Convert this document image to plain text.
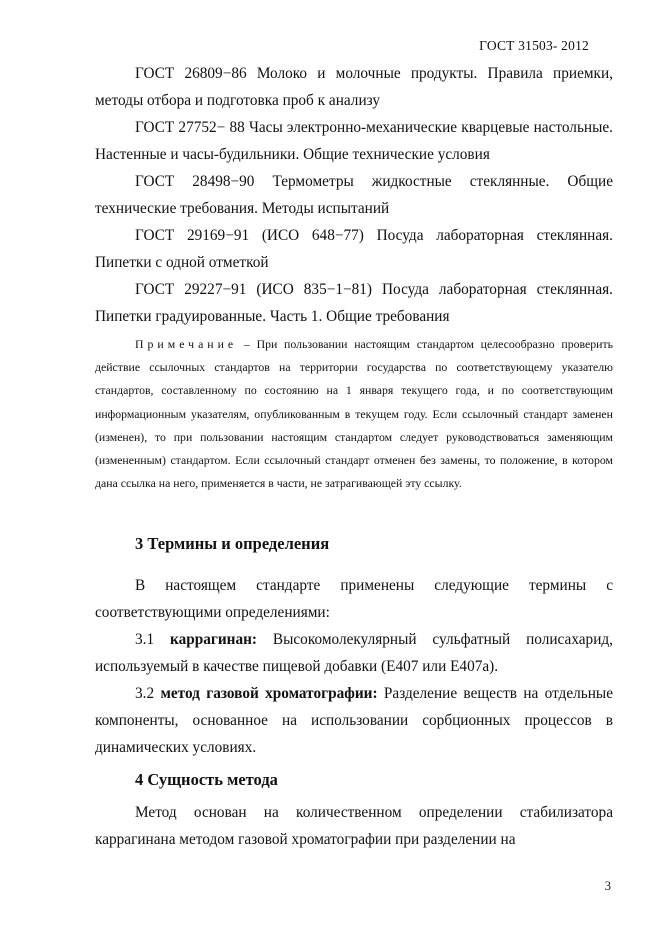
ГОСТ 31503- 2012

ГОСТ 26809−86 Молоко и молочные продукты. Правила приемки, методы отбора и подготовка проб к анализу

ГОСТ 27752− 88 Часы электронно-механические кварцевые настольные. Настенные и часы-будильники. Общие технические условия

ГОСТ 28498−90 Термометры жидкостные стеклянные. Общие технические требования. Методы испытаний

ГОСТ 29169−91 (ИСО 648−77) Посуда лабораторная стеклянная. Пипетки с одной отметкой

ГОСТ 29227−91 (ИСО 835−1−81) Посуда лабораторная стеклянная. Пипетки градуированные. Часть 1. Общие требования

Примечание – При пользовании настоящим стандартом целесообразно проверить действие ссылочных стандартов на территории государства по соответствующему указателю стандартов, составленному по состоянию на 1 января текущего года, и по соответствующим информационным указателям, опубликованным в текущем году. Если ссылочный стандарт заменен (изменен), то при пользовании настоящим стандартом следует руководствоваться заменяющим (измененным) стандартом. Если ссылочный стандарт отменен без замены, то положение, в котором дана ссылка на него, применяется в части, не затрагивающей эту ссылку.

3 Термины и определения

В настоящем стандарте применены следующие термины с соответствующими определениями:

3.1 каррагинан: Высокомолекулярный сульфатный полисахарид, используемый в качестве пищевой добавки (Е407 или Е407а).

3.2 метод газовой хроматографии: Разделение веществ на отдельные компоненты, основанное на использовании сорбционных процессов в динамических условиях.

4 Сущность метода

Метод основан на количественном определении стабилизатора каррагинана методом газовой хроматографии при разделении на

3
